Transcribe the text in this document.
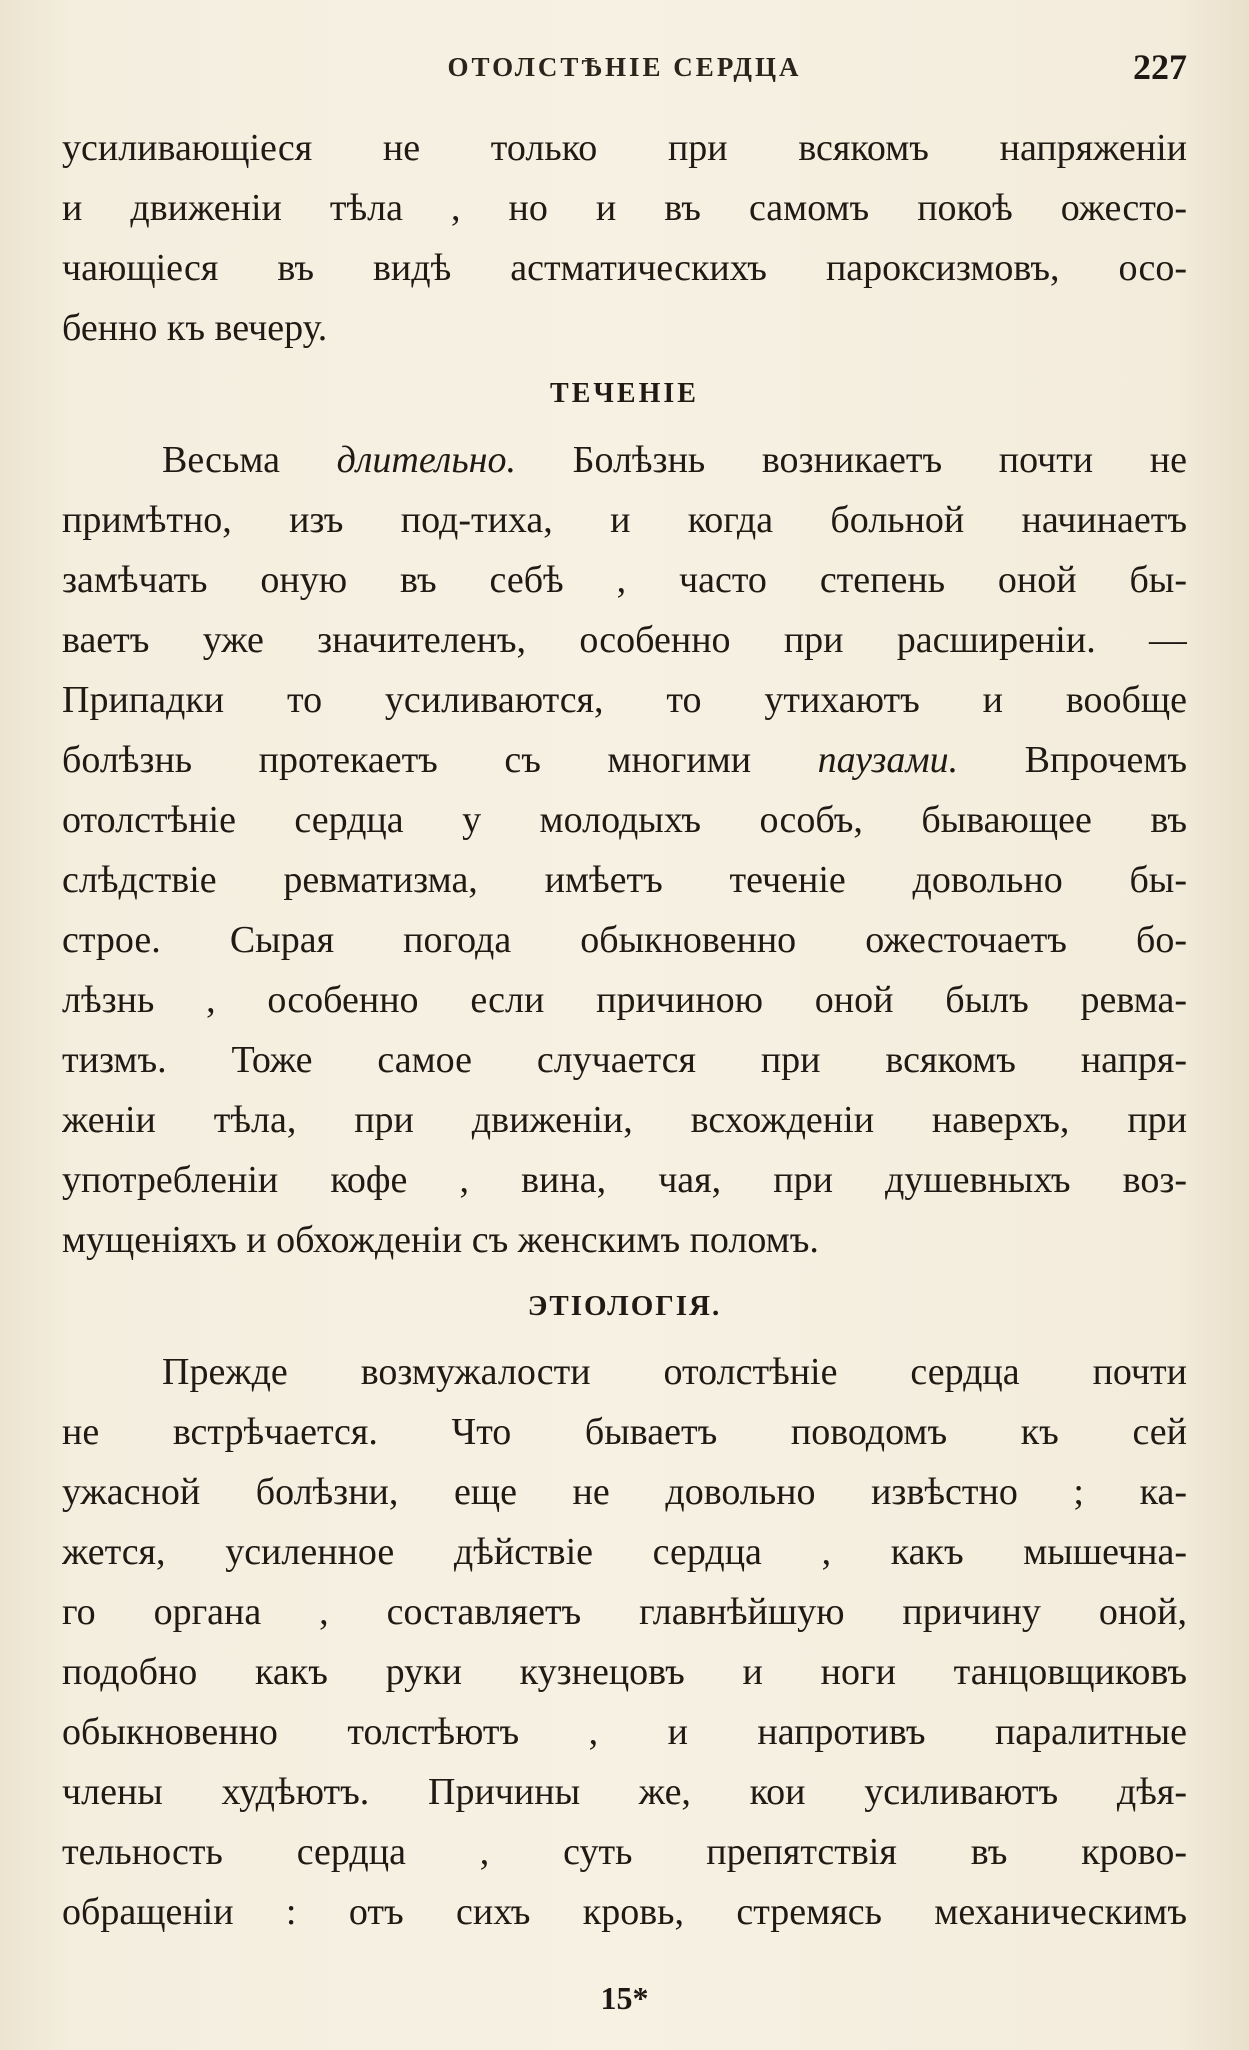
ОТОЛСТѢНІЕ СЕРДЦА	227
усиливающіеся не только при всякомъ напряженіи
и движеніи тѣла , но и въ самомъ покоѣ ожесто-
чающіеся въ видѣ астматическихъ пароксизмовъ, осо-
бенно къ вечеру.
ТЕЧЕНІЕ
Весьма длительно. Болѣзнь возникаетъ почти не
примѣтно, изъ под-тиха, и когда больной начинаетъ
замѣчать оную въ себѣ , часто степень оной бы-
ваетъ уже значителенъ, особенно при расширеніи. —
Припадки то усиливаются, то утихаютъ и вообще
болѣзнь протекаетъ съ многими паузами. Впрочемъ
отолстѣніе сердца у молодыхъ особъ, бывающее въ
слѣдствіе ревматизма, имѣетъ теченіе довольно бы-
строе. Сырая погода обыкновенно ожесточаетъ бо-
лѣзнь , особенно если причиною оной былъ ревма-
тизмъ. Тоже самое случается при всякомъ напря-
женіи тѣла, при движеніи, всхожденіи наверхъ, при
употребленіи кофе , вина, чая, при душевныхъ воз-
мущеніяхъ и обхожденіи съ женскимъ поломъ.
ЭТІОЛОГІЯ.
Прежде возмужалости отолстѣніе сердца почти
не встрѣчается. Что бываетъ поводомъ къ сей
ужасной болѣзни, еще не довольно извѣстно ; ка-
жется, усиленное дѣйствіе сердца , какъ мышечна-
го органа , составляетъ главнѣйшую причину оной,
подобно какъ руки кузнецовъ и ноги танцовщиковъ
обыкновенно толстѣютъ , и напротивъ паралитные
члены худѣютъ. Причины же, кои усиливаютъ дѣя-
тельность сердца , суть препятствія въ крово-
обращеніи : отъ сихъ кровь, стремясь механическимъ
15*
